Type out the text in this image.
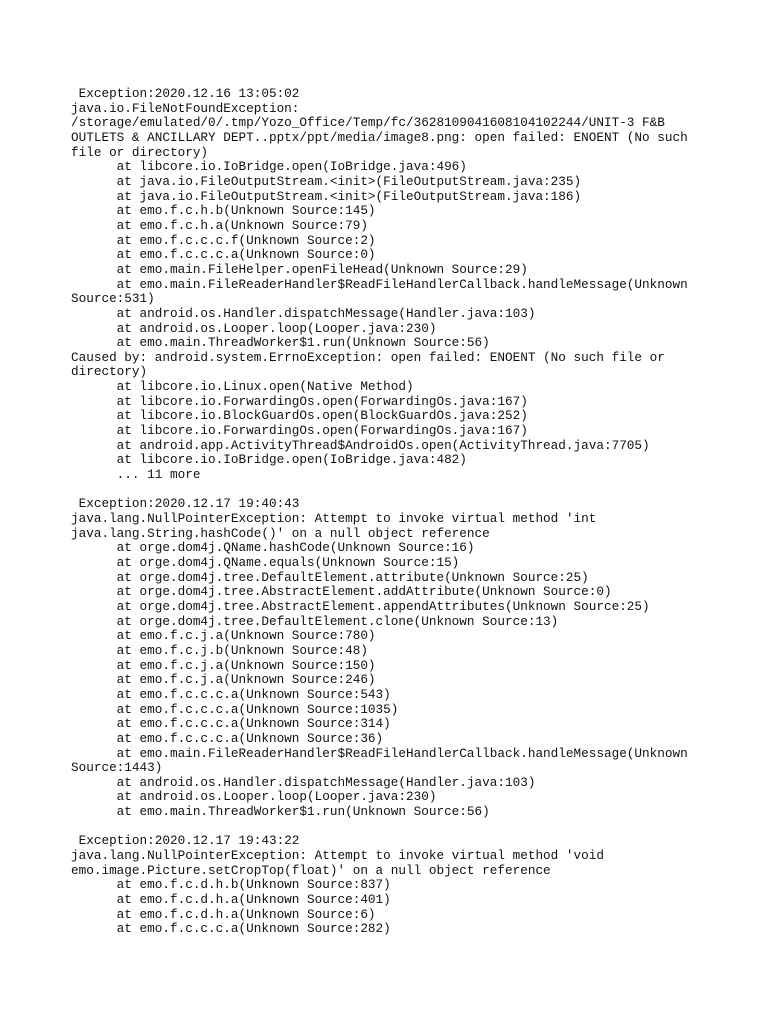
Exception:2020.12.16 13:05:02
java.io.FileNotFoundException:
/storage/emulated/0/.tmp/Yozo_Office/Temp/fc/3628109041608104102244/UNIT-3 F&B
OUTLETS & ANCILLARY DEPT..pptx/ppt/media/image8.png: open failed: ENOENT (No such
file or directory)
at libcore.io.IoBridge.open(IoBridge.java:496)
at java.io.FileOutputStream.<init>(FileOutputStream.java:235)
at java.io.FileOutputStream.<init>(FileOutputStream.java:186)
at emo.f.c.h.b(Unknown Source:145)
at emo.f.c.h.a(Unknown Source:79)
at emo.f.c.c.c.f(Unknown Source:2)
at emo.f.c.c.c.a(Unknown Source:0)
at emo.main.FileHelper.openFileHead(Unknown Source:29)
at emo.main.FileReaderHandler$ReadFileHandlerCallback.handleMessage(Unknown
Source:531)
at android.os.Handler.dispatchMessage(Handler.java:103)
at android.os.Looper.loop(Looper.java:230)
at emo.main.ThreadWorker$1.run(Unknown Source:56)
Caused by: android.system.ErrnoException: open failed: ENOENT (No such file or
directory)
at libcore.io.Linux.open(Native Method)
at libcore.io.ForwardingOs.open(ForwardingOs.java:167)
at libcore.io.BlockGuardOs.open(BlockGuardOs.java:252)
at libcore.io.ForwardingOs.open(ForwardingOs.java:167)
at android.app.ActivityThread$AndroidOs.open(ActivityThread.java:7705)
at libcore.io.IoBridge.open(IoBridge.java:482)
... 11 more
Exception:2020.12.17 19:40:43
java.lang.NullPointerException: Attempt to invoke virtual method 'int
java.lang.String.hashCode()' on a null object reference
at orge.dom4j.QName.hashCode(Unknown Source:16)
at orge.dom4j.QName.equals(Unknown Source:15)
at orge.dom4j.tree.DefaultElement.attribute(Unknown Source:25)
at orge.dom4j.tree.AbstractElement.addAttribute(Unknown Source:0)
at orge.dom4j.tree.AbstractElement.appendAttributes(Unknown Source:25)
at orge.dom4j.tree.DefaultElement.clone(Unknown Source:13)
at emo.f.c.j.a(Unknown Source:780)
at emo.f.c.j.b(Unknown Source:48)
at emo.f.c.j.a(Unknown Source:150)
at emo.f.c.j.a(Unknown Source:246)
at emo.f.c.c.c.a(Unknown Source:543)
at emo.f.c.c.c.a(Unknown Source:1035)
at emo.f.c.c.c.a(Unknown Source:314)
at emo.f.c.c.c.a(Unknown Source:36)
at emo.main.FileReaderHandler$ReadFileHandlerCallback.handleMessage(Unknown
Source:1443)
at android.os.Handler.dispatchMessage(Handler.java:103)
at android.os.Looper.loop(Looper.java:230)
at emo.main.ThreadWorker$1.run(Unknown Source:56)
Exception:2020.12.17 19:43:22
java.lang.NullPointerException: Attempt to invoke virtual method 'void
emo.image.Picture.setCropTop(float)' on a null object reference
at emo.f.c.d.h.b(Unknown Source:837)
at emo.f.c.d.h.a(Unknown Source:401)
at emo.f.c.d.h.a(Unknown Source:6)
at emo.f.c.c.c.a(Unknown Source:282)
